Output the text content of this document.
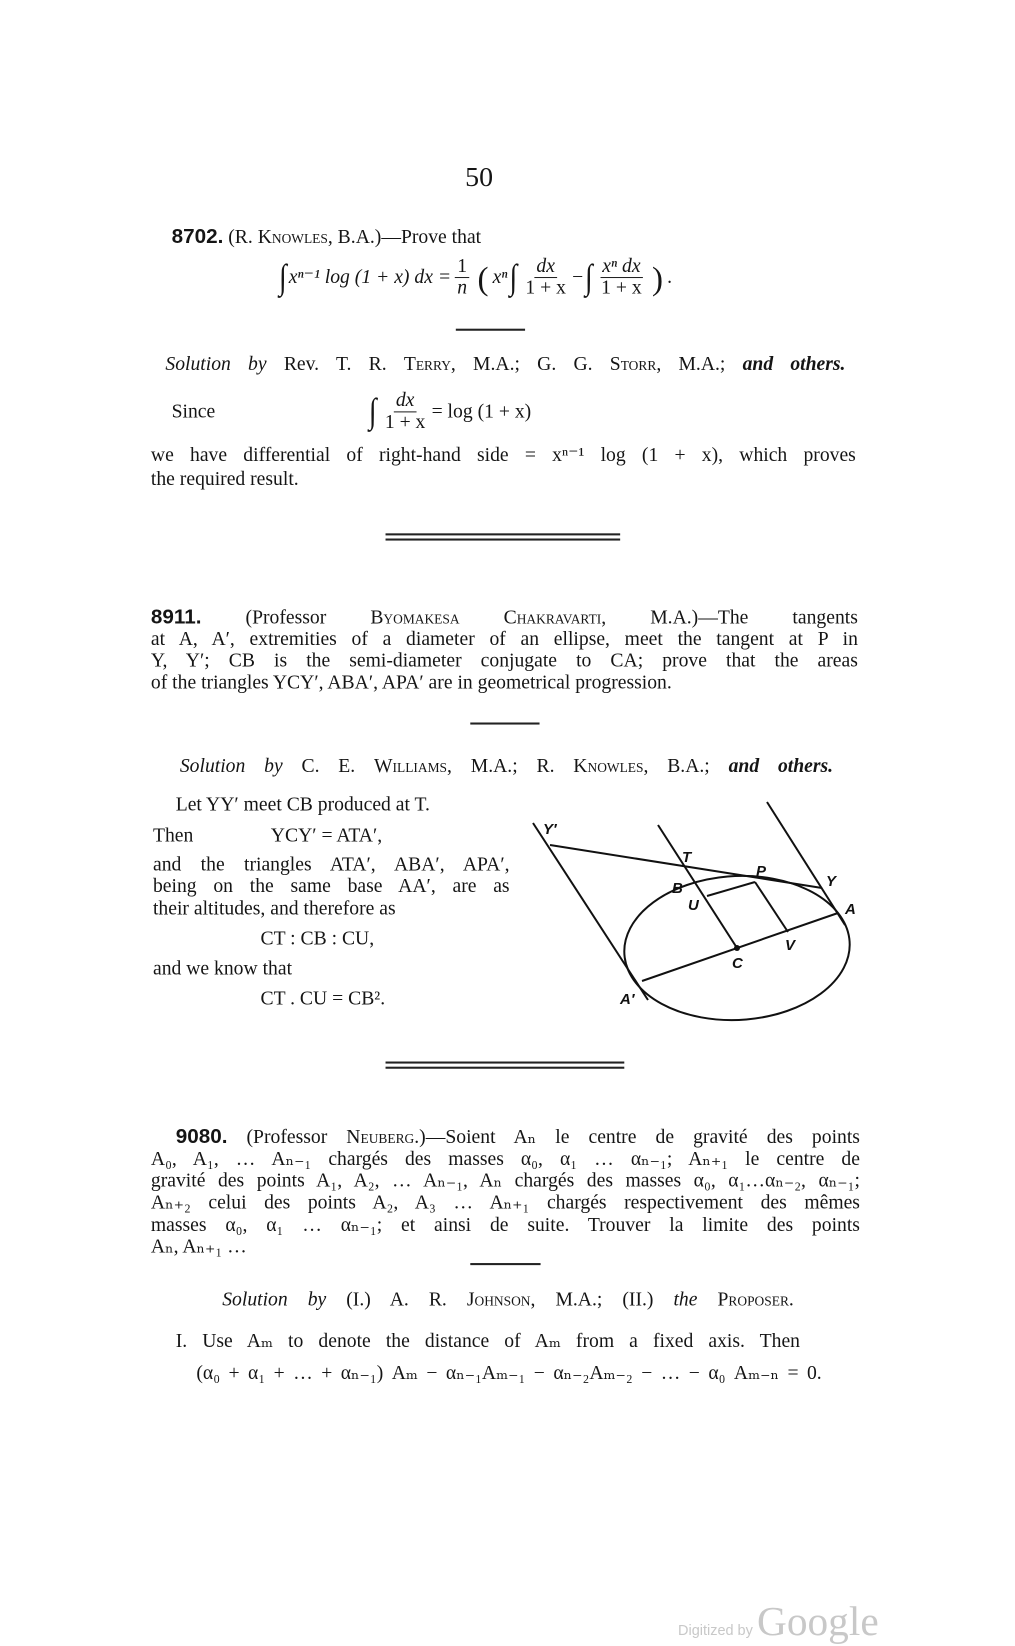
50
8702. (R. Knowles, B.A.)—Prove that
Solution by Rev. T. R. Terry, M.A.; G. G. Storr, M.A.; and others.
Since
we have differential of right-hand side = xⁿ⁻¹ log (1 + x), which proves
the required result.
8911. (Professor Byomakesa Chakravarti, M.A.)—The tangents
at A, A′, extremities of a diameter of an ellipse, meet the tangent at P in
Y, Y′; CB is the semi-diameter conjugate to CA; prove that the areas
of the triangles YCY′, ABA′, APA′ are in geometrical progression.
Solution by C. E. Williams, M.A.; R. Knowles, B.A.; and others.
Let YY′ meet CB produced at T.
Then	YCY′ = ATA′,
and the triangles ATA′, ABA′, APA′,
being on the same base AA′, are as
their altitudes, and therefore as
CT : CB : CU,
and we know that
CT . CU = CB².
9080. (Professor Neuberg.)—Soient Aₙ le centre de gravité des points
A₀, A₁, … Aₙ₋₁ chargés des masses α₀, α₁ … αₙ₋₁; Aₙ₊₁ le centre de
gravité des points A₁, A₂, … Aₙ₋₁, Aₙ chargés des masses α₀, α₁…αₙ₋₂, αₙ₋₁;
Aₙ₊₂ celui des points A₂, A₃ … Aₙ₊₁ chargés respectivement des mêmes
masses α₀, α₁ … αₙ₋₁; et ainsi de suite. Trouver la limite des points
Aₙ, Aₙ₊₁ …
Solution by (I.) A. R. Johnson, M.A.; (II.) the Proposer.
I. Use Aₘ to denote the distance of Aₘ from a fixed axis. Then
(α₀ + α₁ + … + αₙ₋₁) Aₘ − αₙ₋₁Aₘ₋₁ − αₙ₋₂Aₘ₋₂ − … − α₀ Aₘ₋ₙ = 0.
∫ xⁿ⁻¹ log (1 + x) dx = $\frac{1}{n}$ ( xⁿ ∫ $\frac{dx}{1 + x}$ − ∫ $\frac{\text{xⁿ dx}}{1 + x}$ ) .
∫ $\frac{dx}{1 + x} = \log (1 + x)$
Digitized by Google
Y′
T
P
Y
B
U	A
V
C
A′
